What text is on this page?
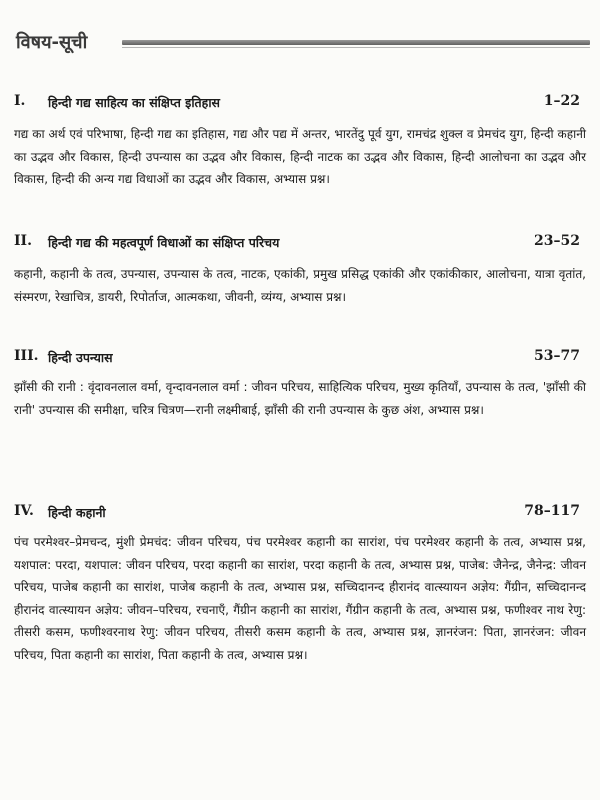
विषय-सूची
I. हिन्दी गद्य साहित्य का संक्षिप्त इतिहास	1–22
गद्य का अर्थ एवं परिभाषा, हिन्दी गद्य का इतिहास, गद्य और पद्य में अन्तर, भारतेंदु पूर्व युग, रामचंद्र शुक्ल व प्रेमचंद युग, हिन्दी कहानी का उद्भव और विकास, हिन्दी उपन्यास का उद्भव और विकास, हिन्दी नाटक का उद्भव और विकास, हिन्दी आलोचना का उद्भव और विकास, हिन्दी की अन्य गद्य विधाओं का उद्भव और विकास, अभ्यास प्रश्न।
II. हिन्दी गद्य की महत्वपूर्ण विधाओं का संक्षिप्त परिचय	23–52
कहानी, कहानी के तत्व, उपन्यास, उपन्यास के तत्व, नाटक, एकांकी, प्रमुख प्रसिद्ध एकांकी और एकांकीकार, आलोचना, यात्रा वृतांत, संस्मरण, रेखाचित्र, डायरी, रिपोर्ताज, आत्मकथा, जीवनी, व्यंग्य, अभ्यास प्रश्न।
III. हिन्दी उपन्यास	53–77
झाँसी की रानी : वृंदावनलाल वर्मा, वृन्दावनलाल वर्मा : जीवन परिचय, साहित्यिक परिचय, मुख्य कृतियाँ, उपन्यास के तत्व, 'झाँसी की रानी' उपन्यास की समीक्षा, चरित्र चित्रण—रानी लक्ष्मीबाई, झाँसी की रानी उपन्यास के कुछ अंश, अभ्यास प्रश्न।
IV. हिन्दी कहानी	78–117
पंच परमेश्वर–प्रेमचन्द, मुंशी प्रेमचंद: जीवन परिचय, पंच परमेश्वर कहानी का सारांश, पंच परमेश्वर कहानी के तत्व, अभ्यास प्रश्न, यशपाल: परदा, यशपाल: जीवन परिचय, परदा कहानी का सारांश, परदा कहानी के तत्व, अभ्यास प्रश्न, पाजेब: जैनेन्द्र, जैनेन्द्र: जीवन परिचय, पाजेब कहानी का सारांश, पाजेब कहानी के तत्व, अभ्यास प्रश्न, सच्चिदानन्द हीरानंद वात्स्यायन अज्ञेय: गैंग्रीन, सच्चिदानन्द हीरानंद वात्स्यायन अज्ञेय: जीवन–परिचय, रचनाएँ, गैंग्रीन कहानी का सारांश, गैंग्रीन कहानी के तत्व, अभ्यास प्रश्न, फणीश्वर नाथ रेणु: तीसरी कसम, फणीश्वरनाथ रेणु: जीवन परिचय, तीसरी कसम कहानी के तत्व, अभ्यास प्रश्न, ज्ञानरंजन: पिता, ज्ञानरंजन: जीवन परिचय, पिता कहानी का सारांश, पिता कहानी के तत्व, अभ्यास प्रश्न।
